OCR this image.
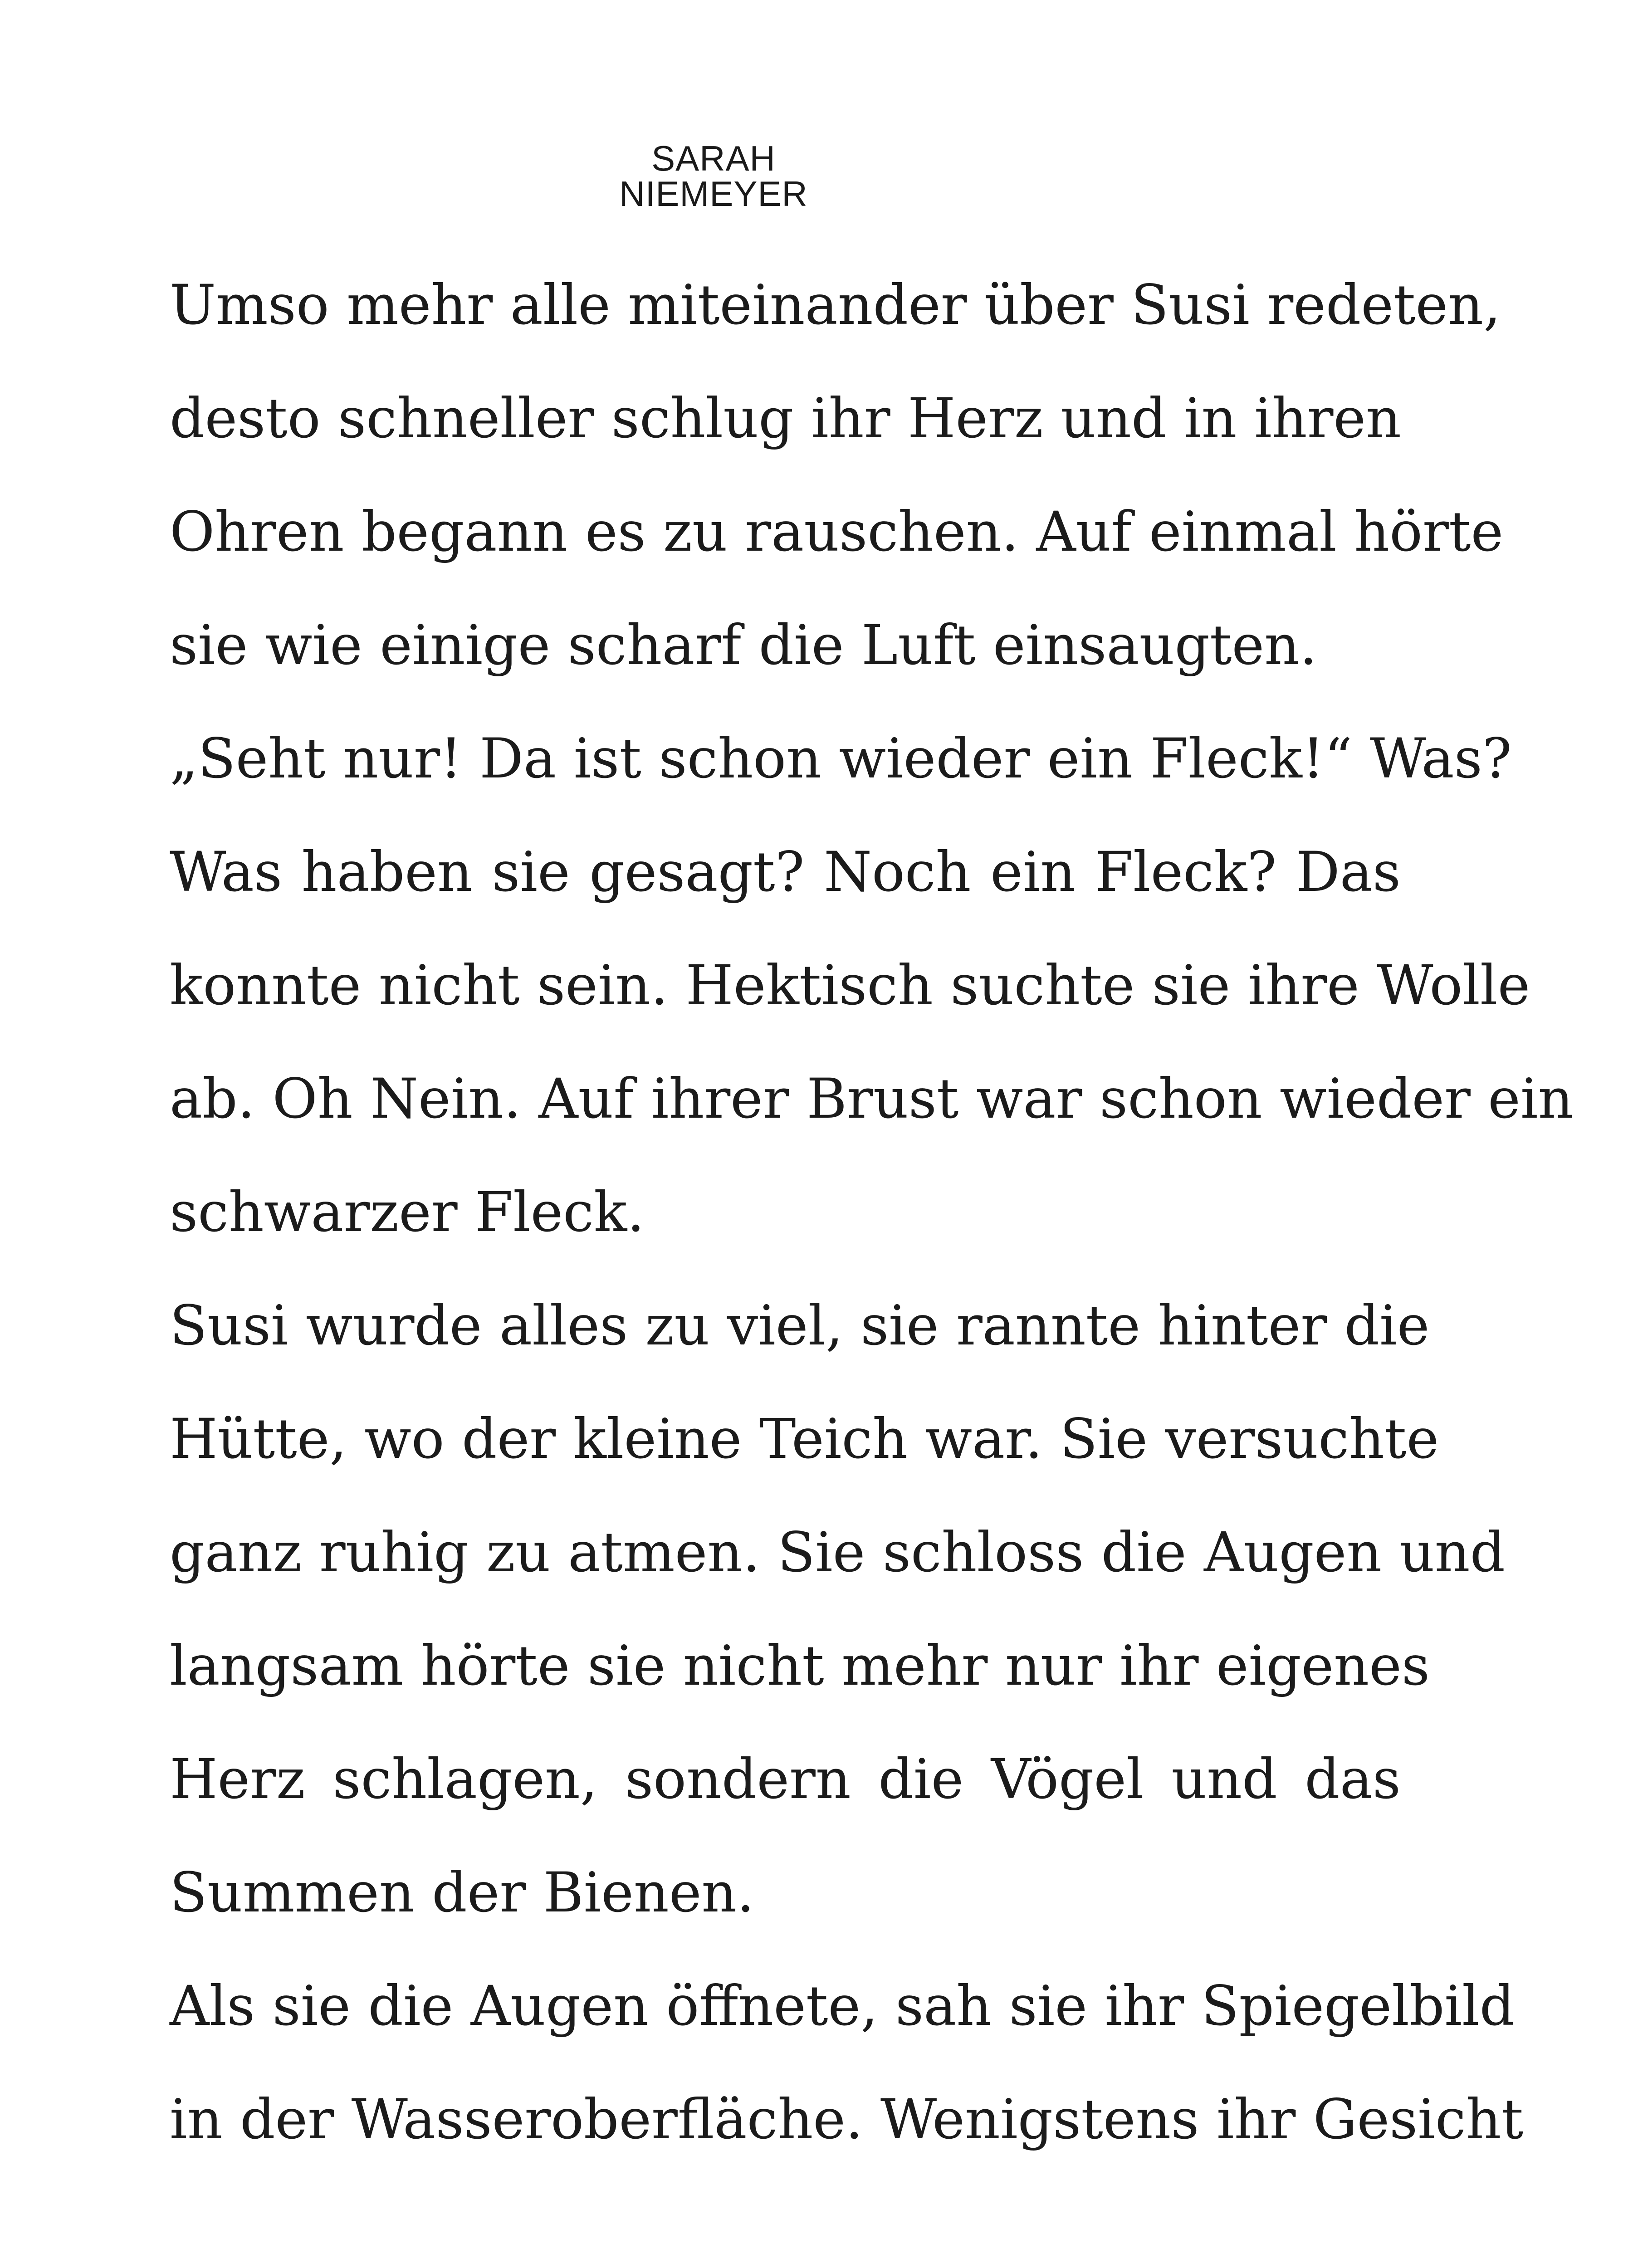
SARAH NIEMEYER
Umso mehr alle miteinander über Susi redeten,
desto schneller schlug ihr Herz und in ihren
Ohren begann es zu rauschen. Auf einmal hörte
sie wie einige scharf die Luft einsaugten.
„Seht nur! Da ist schon wieder ein Fleck!“ Was?
Was haben sie gesagt? Noch ein Fleck? Das
konnte nicht sein. Hektisch suchte sie ihre Wolle
ab. Oh Nein. Auf ihrer Brust war schon wieder ein
schwarzer Fleck.
Susi wurde alles zu viel, sie rannte hinter die
Hütte, wo der kleine Teich war. Sie versuchte
ganz ruhig zu atmen. Sie schloss die Augen und
langsam hörte sie nicht mehr nur ihr eigenes
Herz schlagen, sondern die Vögel und das
Summen der Bienen.
Als sie die Augen öffnete, sah sie ihr Spiegelbild
in der Wasseroberfläche. Wenigstens ihr Gesicht
